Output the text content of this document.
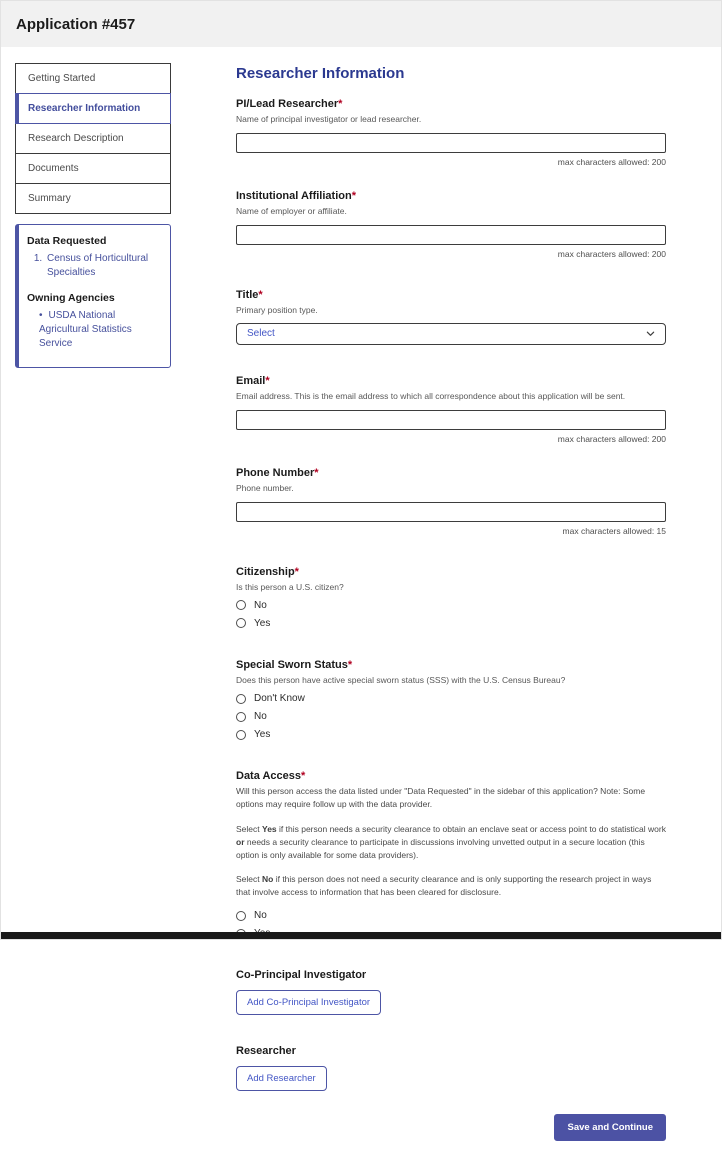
Application #457
Getting Started
Researcher Information
Research Description
Documents
Summary
Data Requested
1. Census of Horticultural Specialties
Owning Agencies
• USDA National Agricultural Statistics Service
Researcher Information
PI/Lead Researcher*
Name of principal investigator or lead researcher.
max characters allowed: 200
Institutional Affiliation*
Name of employer or affiliate.
max characters allowed: 200
Title*
Primary position type.
Select
Email*
Email address. This is the email address to which all correspondence about this application will be sent.
max characters allowed: 200
Phone Number*
Phone number.
max characters allowed: 15
Citizenship*
Is this person a U.S. citizen?
No
Yes
Special Sworn Status*
Does this person have active special sworn status (SSS) with the U.S. Census Bureau?
Don't Know
No
Yes
Data Access*

Will this person access the data listed under "Data Requested" in the sidebar of this application? Note: Some options may require follow up with the data provider.

Select Yes if this person needs a security clearance to obtain an enclave seat or access point to do statistical work or needs a security clearance to participate in discussions involving unvetted output in a secure location (this option is only available for some data providers).

Select No if this person does not need a security clearance and is only supporting the research project in ways that involve access to information that has been cleared for disclosure.

No
Co-Principal Investigator
Add Co-Principal Investigator
Researcher
Add Researcher
Save and Continue
